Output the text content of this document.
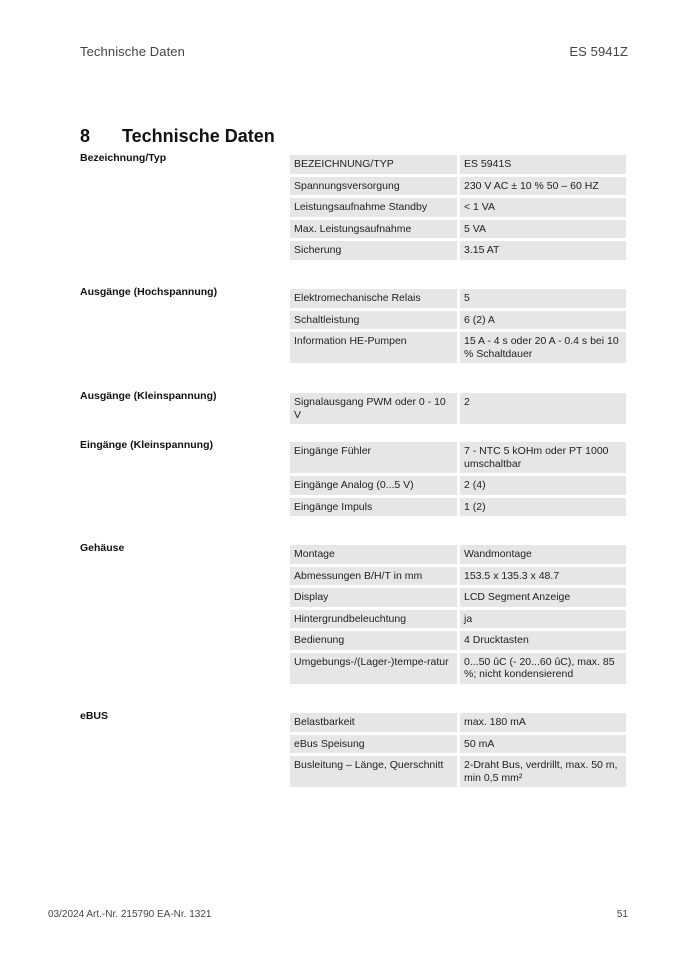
Technische Daten	ES 5941Z
8 Technische Daten
Bezeichnung/Typ	BEZEICHNUNG/TYP	ES 5941S
Spannungsversorgung	230 V AC ± 10 % 50 – 60 HZ
Leistungsaufnahme Standby	< 1 VA
Max. Leistungsaufnahme	5 VA
Sicherung	3.15 AT
Ausgänge (Hochspannung)	Elektromechanische Relais	5
Schaltleistung	6 (2) A
Information HE-Pumpen	15 A - 4 s oder 20 A - 0.4 s bei 10 % Schaltdauer
Ausgänge (Kleinspannung)	Signalausgang PWM oder 0 - 10 V	2
Eingänge (Kleinspannung)	Eingänge Fühler	7 - NTC 5 kOHm oder PT 1000 umschaltbar
Eingänge Analog (0...5 V)	2 (4)
Eingänge Impuls	1 (2)
Gehäuse	Montage	Wandmontage
Abmessungen B/H/T in mm	153.5 x 135.3 x 48.7
Display	LCD Segment Anzeige
Hintergrundbeleuchtung	ja
Bedienung	4 Drucktasten
Umgebungs-/(Lager-)tempe-ratur	0...50 ûC (- 20...60 ûC), max. 85 %; nicht kondensierend
eBUS	Belastbarkeit	max. 180 mA
eBus Speisung	50 mA
Busleitung – Länge, Querschnitt	2-Draht Bus, verdrillt, max. 50 m, min 0,5 mm²
03/2024 Art.-Nr. 215790 EA-Nr. 1321	51
